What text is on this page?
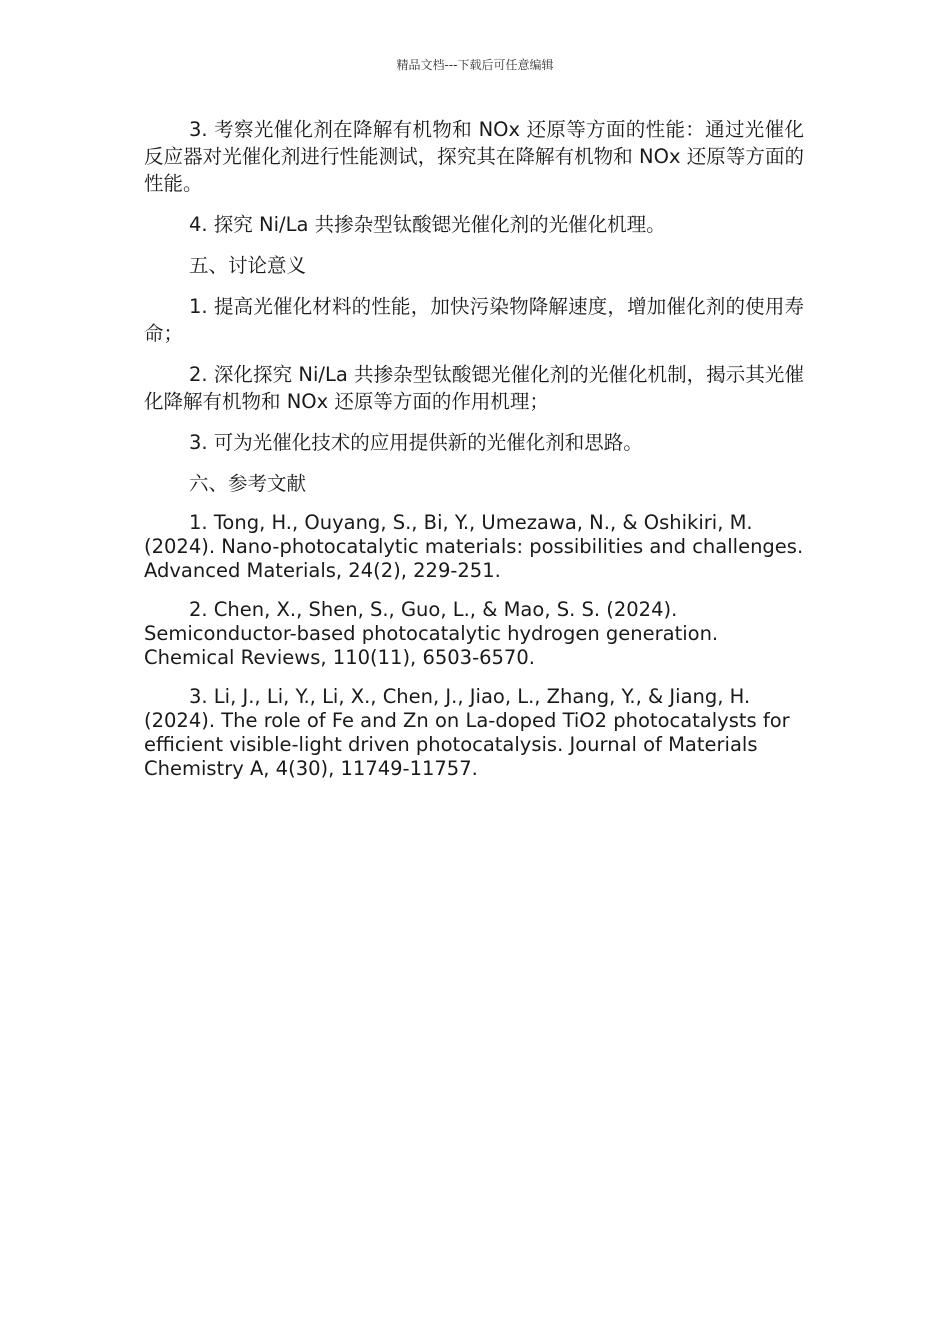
精品文档---下载后可任意编辑

3. 考察光催化剂在降解有机物和 NOx 还原等方面的性能：通过光催化反应器对光催化剂进行性能测试，探究其在降解有机物和 NOx 还原等方面的性能。

4. 探究 Ni/La 共掺杂型钛酸锶光催化剂的光催化机理。

五、讨论意义

1. 提高光催化材料的性能，加快污染物降解速度，增加催化剂的使用寿命；

2. 深化探究 Ni/La 共掺杂型钛酸锶光催化剂的光催化机制，揭示其光催化降解有机物和 NOx 还原等方面的作用机理；

3. 可为光催化技术的应用提供新的光催化剂和思路。

六、参考文献

1. Tong, H., Ouyang, S., Bi, Y., Umezawa, N., & Oshikiri, M. (2024). Nano-photocatalytic materials: possibilities and challenges. Advanced Materials, 24(2), 229-251.

2. Chen, X., Shen, S., Guo, L., & Mao, S. S. (2024). Semiconductor-based photocatalytic hydrogen generation. Chemical Reviews, 110(11), 6503-6570.

3. Li, J., Li, Y., Li, X., Chen, J., Jiao, L., Zhang, Y., & Jiang, H. (2024). The role of Fe and Zn on La-doped TiO2 photocatalysts for efficient visible-light driven photocatalysis. Journal of Materials Chemistry A, 4(30), 11749-11757.
